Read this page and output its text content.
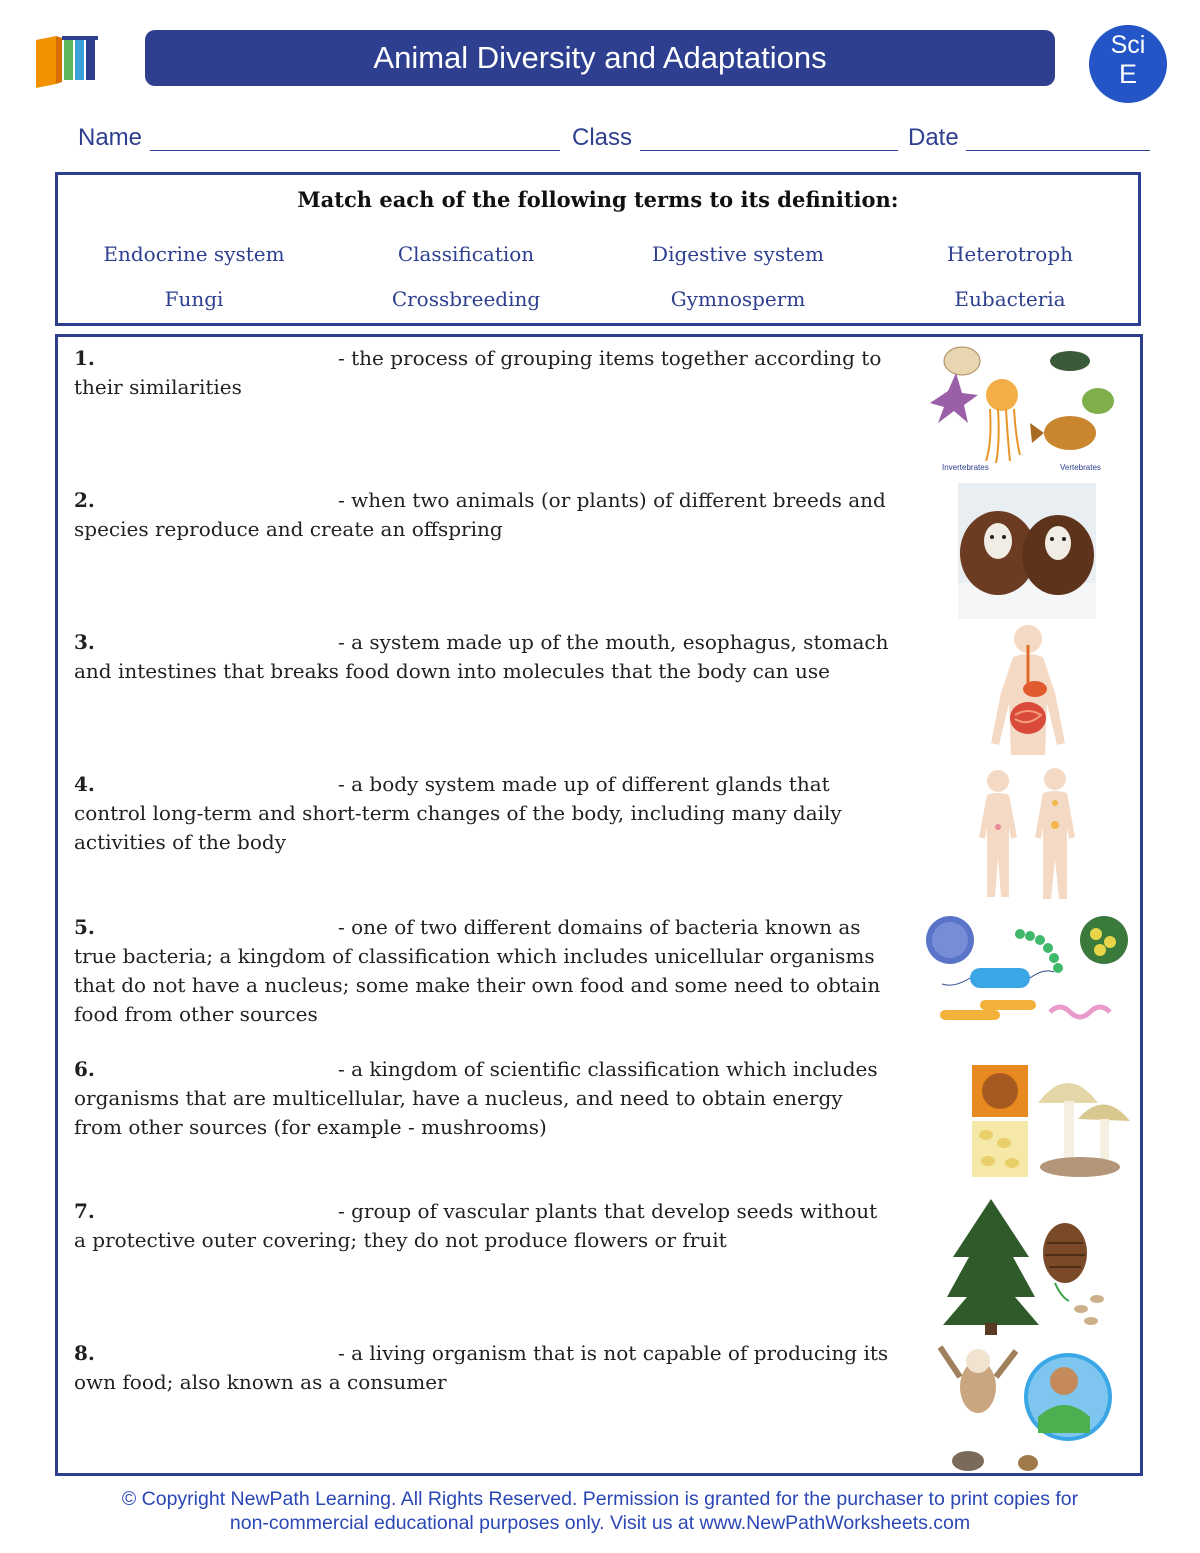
Animal Diversity and Adaptations	Sci
E
Name	Class	Date
Match each of the following terms to its definition:
Endocrine system	Classification	Digestive system	Heterotroph
Fungi	Crossbreeding	Gymnosperm	Eubacteria
1.	- the process of grouping items together according to their similarities
2.	- when two animals (or plants) of different breeds and species reproduce and create an offspring
3.	- a system made up of the mouth, esophagus, stomach and intestines that breaks food down into molecules that the body can use
4.	- a body system made up of different glands that control long-term and short-term changes of the body, including many daily activities of the body
5.	- one of two different domains of bacteria known as true bacteria; a kingdom of classification which includes unicellular organisms that do not have a nucleus; some make their own food and some need to obtain food from other sources
6.	- a kingdom of scientific classification which includes organisms that are multicellular, have a nucleus, and need to obtain energy from other sources (for example - mushrooms)
7.	- group of vascular plants that develop seeds without a protective outer covering; they do not produce flowers or fruit
8.	- a living organism that is not capable of producing its own food; also known as a consumer
Invertebrates	Vertebrates
© Copyright NewPath Learning. All Rights Reserved. Permission is granted for the purchaser to print copies for
non-commercial educational purposes only. Visit us at www.NewPathWorksheets.com
